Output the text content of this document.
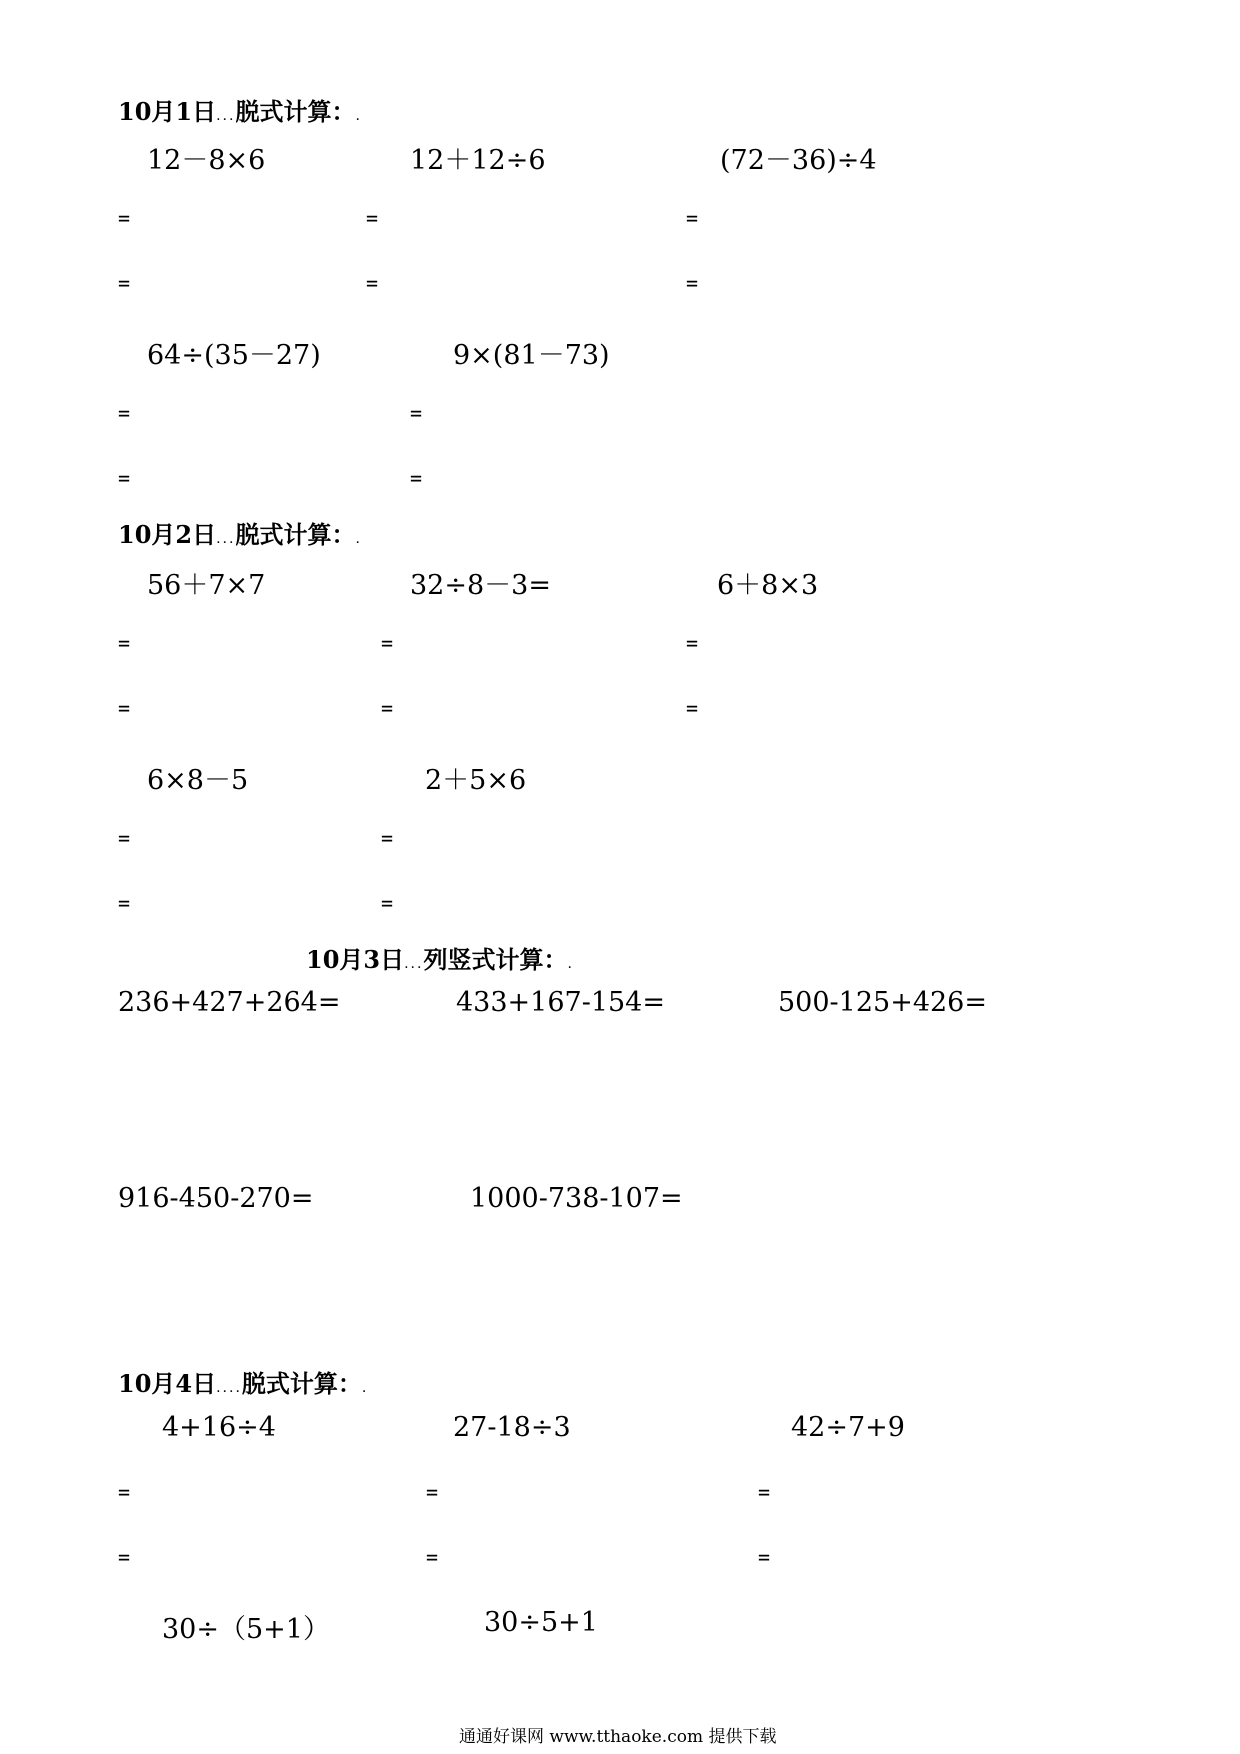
10月1日...脱式计算：.
12－8×6	12＋12÷6	(72－36)÷4
=	=	=
=	=	=
64÷(35－27)	9×(81－73)
=	=
=	=
10月2日...脱式计算：.
56＋7×7	32÷8－3=	6＋8×3
=	=	=
=	=	=
6×8－5	2＋5×6
=	=
=	=
10月3日...列竖式计算：.
236+427+264=	433+167-154=	500-125+426=
916-450-270=	1000-738-107=
10月4日....脱式计算：.
4+16÷4	27-18÷3	42÷7+9
=	=	=
=	=	=
30÷（5+1）	30÷5+1
通通好课网 www.tthaoke.com 提供下载
